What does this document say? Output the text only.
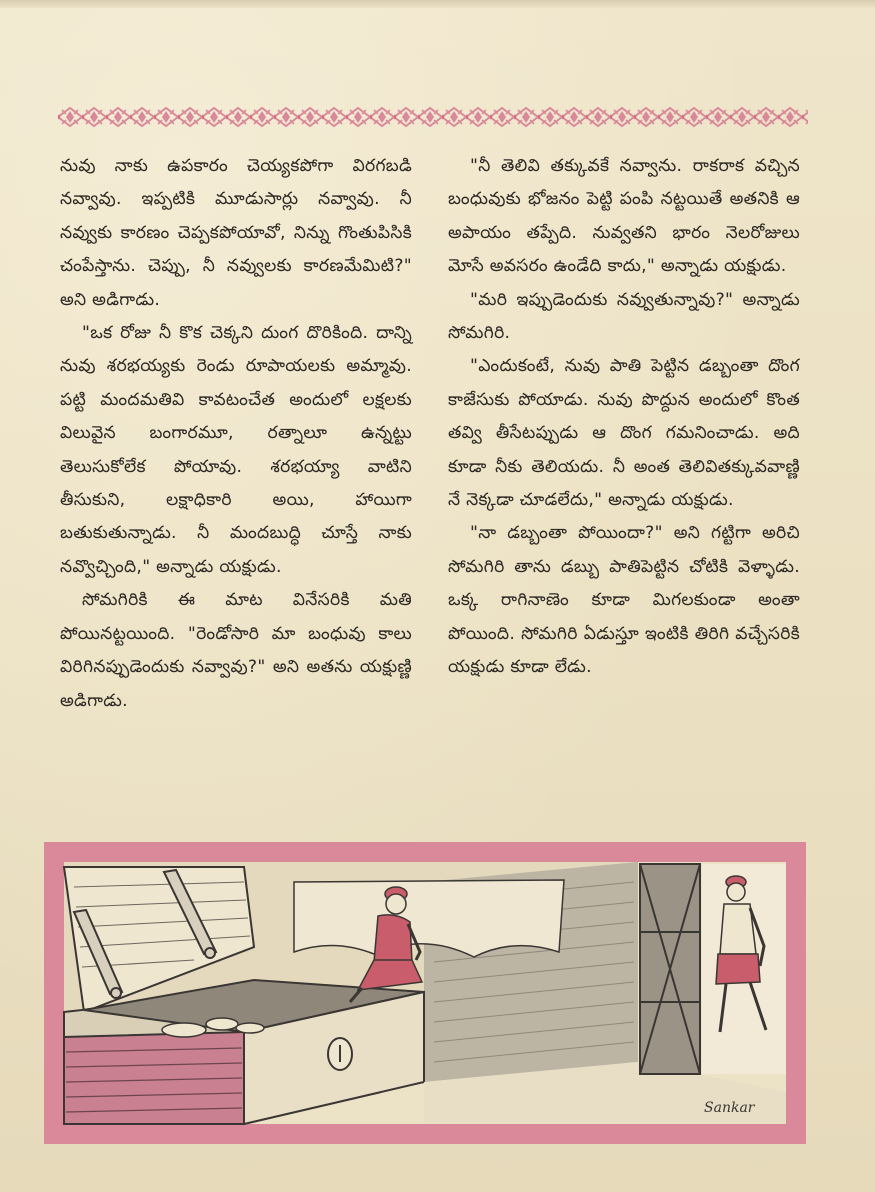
నువు నాకు ఉపకారం చెయ్యకపోగా విరగబడి నవ్వావు. ఇప్పటికి మూడుసార్లు నవ్వావు. నీ నవ్వుకు కారణం చెప్పకపోయావో, నిన్ను గొంతుపిసికి చంపేస్తాను. చెప్పు, నీ నవ్వులకు కారణమేమిటి?" అని అడిగాడు.

"ఒక రోజు నీ కొక చెక్కని దుంగ దొరికింది. దాన్ని నువు శరభయ్యకు రెండు రూపాయలకు అమ్మావు. పట్టి మందమతివి కావటంచేత అందులో లక్షలకు విలువైన బంగారమూ, రత్నాలూ ఉన్నట్టు తెలుసుకోలేక పోయావు. శరభయ్యా వాటిని తీసుకుని, లక్షాధికారి అయి, హాయిగా బతుకుతున్నాడు. నీ మందబుద్ధి చూస్తే నాకు నవ్వొచ్చింది," అన్నాడు యక్షుడు.

సోమగిరికి ఈ మాట వినేసరికి మతి పోయినట్టయింది. "రెండోసారి మా బంధువు కాలు విరిగినప్పుడెందుకు నవ్వావు?" అని అతను యక్షుణ్ణి అడిగాడు.

"నీ తెలివి తక్కువకే నవ్వాను. రాకరాక వచ్చిన బంధువుకు భోజనం పెట్టి పంపి నట్టయితే అతనికి ఆ అపాయం తప్పేది. నువ్వతని భారం నెలరోజులు మోసే అవసరం ఉండేది కాదు," అన్నాడు యక్షుడు.

"మరి ఇప్పుడెందుకు నవ్వుతున్నావు?" అన్నాడు సోమగిరి.

"ఎందుకంటే, నువు పాతి పెట్టిన డబ్బంతా దొంగ కాజేసుకు పోయాడు. నువు పొద్దున అందులో కొంత తవ్వి తీసేటప్పుడు ఆ దొంగ గమనించాడు. అది కూడా నీకు తెలియదు. నీ అంత తెలివితక్కువవాణ్ణి నే నెక్కడా చూడలేదు," అన్నాడు యక్షుడు.

"నా డబ్బంతా పోయిందా?" అని గట్టిగా అరిచి సోమగిరి తాను డబ్బు పాతిపెట్టిన చోటికి వెళ్ళాడు. ఒక్క రాగినాణెం కూడా మిగలకుండా అంతా పోయింది. సోమగిరి ఏడుస్తూ ఇంటికి తిరిగి వచ్చేసరికి యక్షుడు కూడా లేడు.

Sankar
